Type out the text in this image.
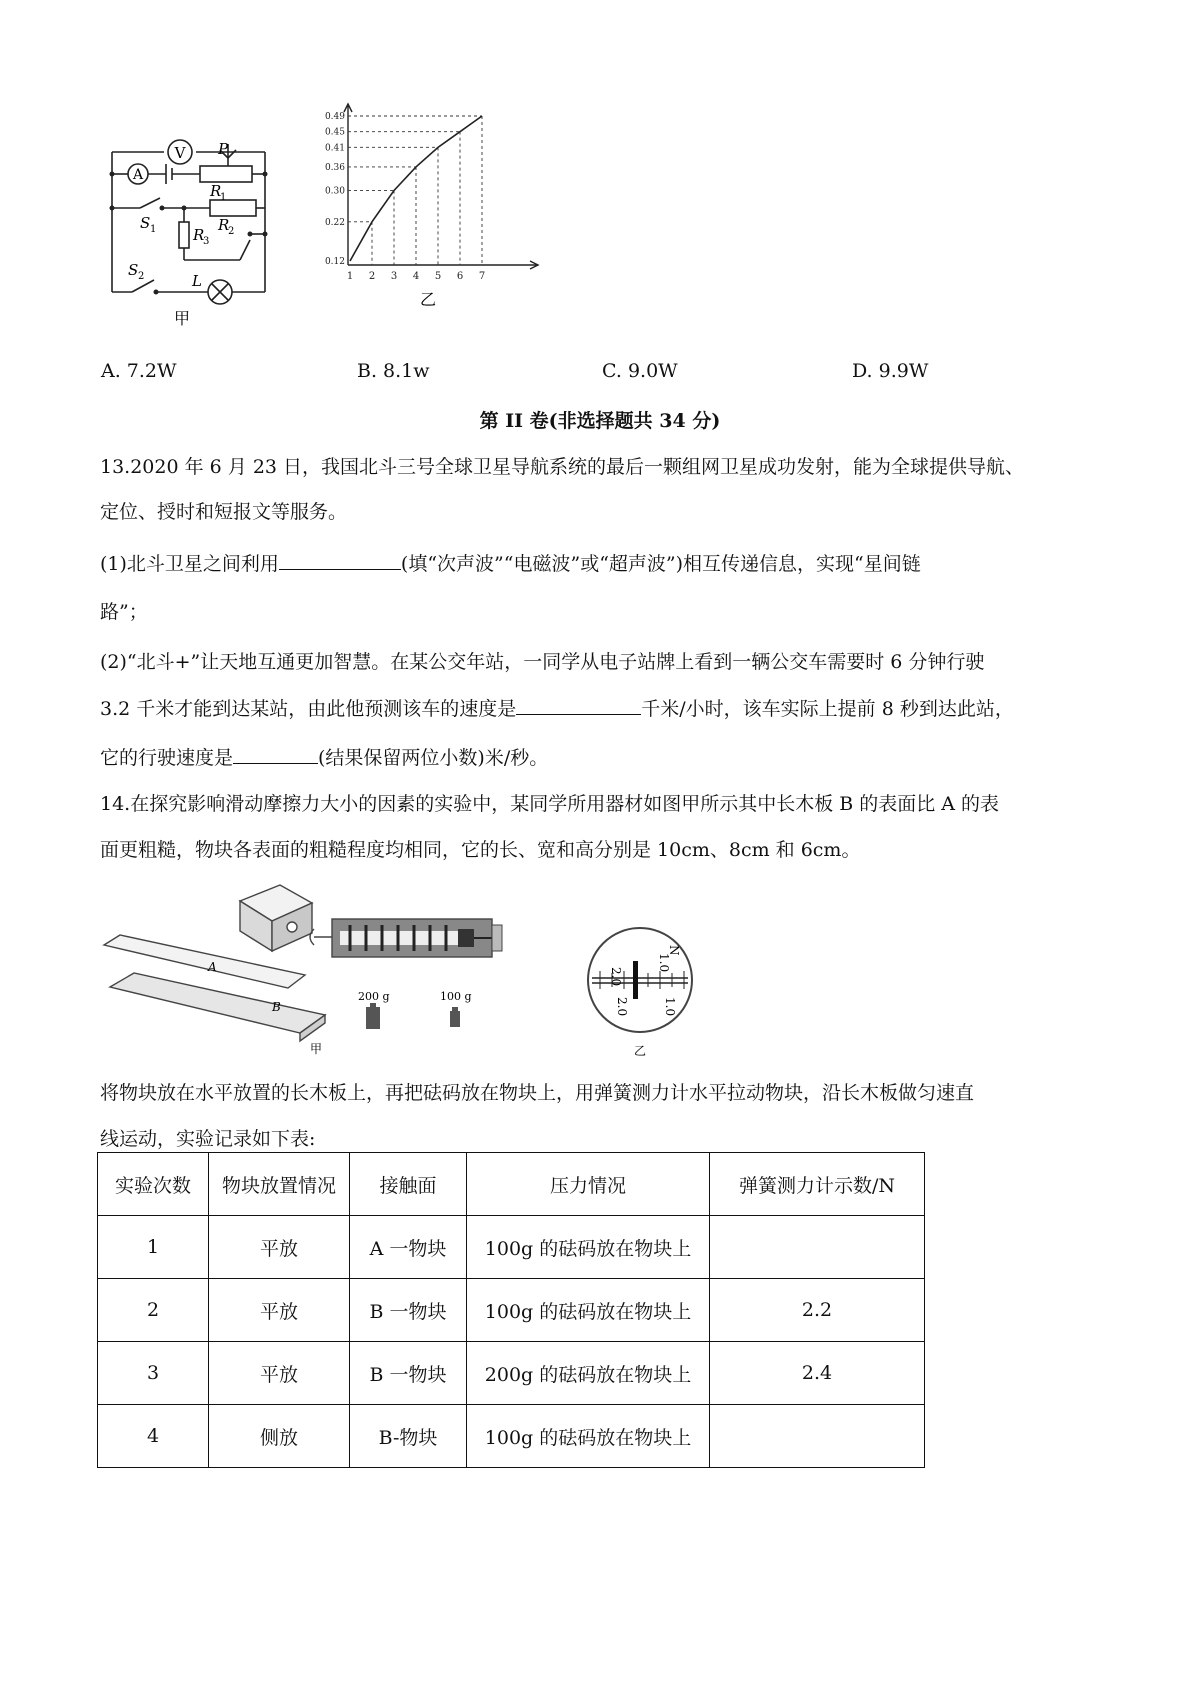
V
A
P
R
1
R
2
R
3
S 1
S 2	L
甲
1 2 3 4 5 6 7
0.49
0.45
0.41
0.36
0.30
0.22
0.12
乙
A. 7.2W	B. 8.1w	C. 9.0W	D. 9.9W
第 II 卷(非选择题共 34 分)
13.2020 年 6 月 23 日，我国北斗三号全球卫星导航系统的最后一颗组网卫星成功发射，能为全球提供导航、
定位、授时和短报文等服务。
(1)北斗卫星之间利用	(填“次声波”“电磁波”或“超声波”)相互传递信息，实现“星间链
路”；
(2)“北斗+”让天地互通更加智慧。在某公交年站，一同学从电子站牌上看到一辆公交车需要时 6 分钟行驶
3.2 千米才能到达某站，由此他预测该车的速度是	千米/小时，该车实际上提前 8 秒到达此站，
它的行驶速度是	(结果保留两位小数)米/秒。
14.在探究影响滑动摩擦力大小的因素的实验中，某同学所用器材如图甲所示其中长木板 B 的表面比 A 的表
面更粗糙，物块各表面的粗糙程度均相同，它的长、宽和高分别是 10cm、8cm 和 6cm。
A
B
200 g	100 g
甲
2.0
1.0
N
2.0	1.0
乙
将物块放在水平放置的长木板上，再把砝码放在物块上，用弹簧测力计水平拉动物块，沿长木板做匀速直
线运动，实验记录如下表:
实验次数	物块放置情况	接触面	压力情况	弹簧测力计示数/N
1	平放	A 一物块	100g 的砝码放在物块上	
2	平放	B 一物块	100g 的砝码放在物块上	2.2
3	平放	B 一物块	200g 的砝码放在物块上	2.4
4	侧放	B-物块	100g 的砝码放在物块上	
